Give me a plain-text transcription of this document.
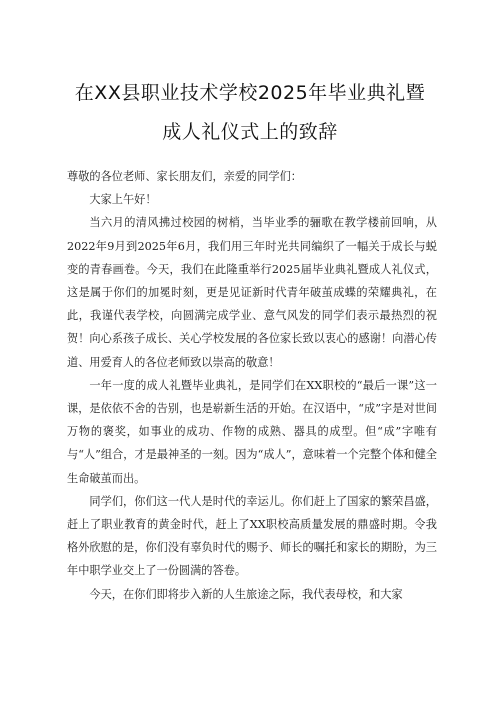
在XX县职业技术学校2025年毕业典礼暨
成人礼仪式上的致辞

尊敬的各位老师、家长朋友们，亲爱的同学们：

大家上午好！

当六月的清风拂过校园的树梢，当毕业季的骊歌在教学楼前回响，从2022年9月到2025年6月，我们用三年时光共同编织了一幅关于成长与蜕变的青春画卷。今天，我们在此隆重举行2025届毕业典礼暨成人礼仪式，这是属于你们的加冕时刻，更是见证新时代青年破茧成蝶的荣耀典礼，在此，我谨代表学校，向圆满完成学业、意气风发的同学们表示最热烈的祝贺！向心系孩子成长、关心学校发展的各位家长致以衷心的感谢！向潜心传道、用爱育人的各位老师致以崇高的敬意！

一年一度的成人礼暨毕业典礼，是同学们在XX职校的“最后一课”这一课，是依依不舍的告别，也是崭新生活的开始。在汉语中，“成”字是对世间万物的褒奖，如事业的成功、作物的成熟、器具的成型。但“成”字唯有与“人”组合，才是最神圣的一刻。因为“成人”，意味着一个完整个体和健全生命破茧而出。

同学们，你们这一代人是时代的幸运儿。你们赶上了国家的繁荣昌盛，赶上了职业教育的黄金时代，赶上了XX职校高质量发展的鼎盛时期。令我格外欣慰的是，你们没有辜负时代的赐予、师长的嘱托和家长的期盼，为三年中职学业交上了一份圆满的答卷。

今天，在你们即将步入新的人生旅途之际，我代表母校，和大家
